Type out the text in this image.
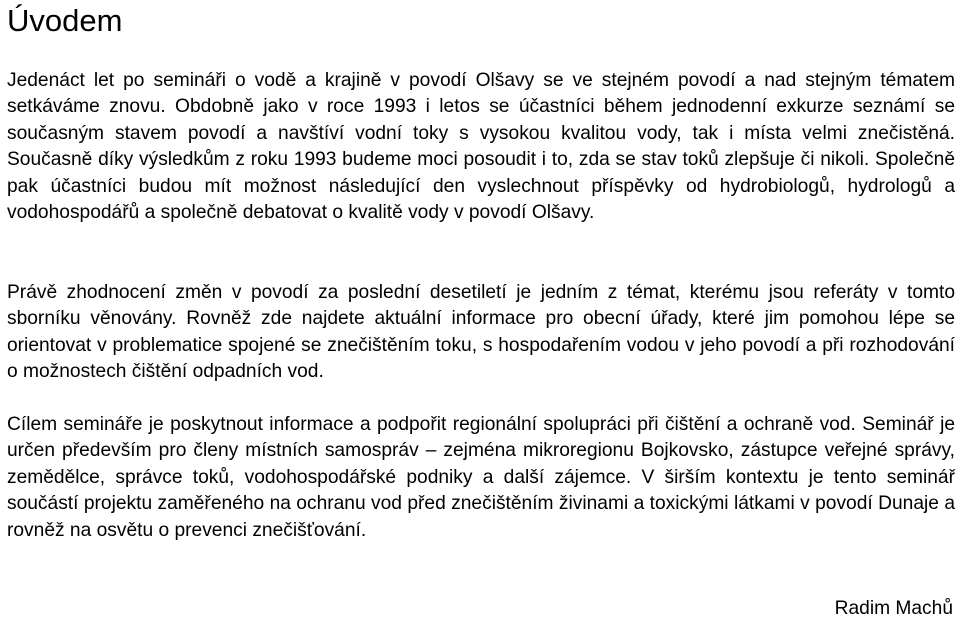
Úvodem

Jedenáct let po semináři o vodě a krajině v povodí Olšavy se ve stejném povodí a nad stejným tématem setkáváme znovu. Obdobně jako v roce 1993 i letos se účastníci během jednodenní exkurze seznámí se současným stavem povodí a navštíví vodní toky s vysokou kvalitou vody, tak i místa velmi znečistěná. Současně díky výsledkům z roku 1993 budeme moci posoudit i to, zda se stav toků zlepšuje či nikoli. Společně pak účastníci budou mít možnost následující den vyslechnout příspěvky od hydrobiologů, hydrologů a vodohospodářů a společně debatovat o kvalitě vody v povodí Olšavy.

Právě zhodnocení změn v povodí za poslední desetiletí je jedním z témat, kterému jsou referáty v tomto sborníku věnovány. Rovněž zde najdete aktuální informace pro obecní úřady, které jim pomohou lépe se orientovat v problematice spojené se znečištěním toku, s hospodařením vodou v jeho povodí a při rozhodování o možnostech čištění odpadních vod.

Cílem semináře je poskytnout informace a podpořit regionální spolupráci při čištění a ochraně vod. Seminář je určen především pro členy místních samospráv – zejména mikroregionu Bojkovsko, zástupce veřejné správy, zemědělce, správce toků, vodohospodářské podniky a další zájemce. V širším kontextu je tento seminář součástí projektu zaměřeného na ochranu vod před znečištěním živinami a toxickými látkami v povodí Dunaje a rovněž na osvětu o prevenci znečišťování.

Radim Machů
